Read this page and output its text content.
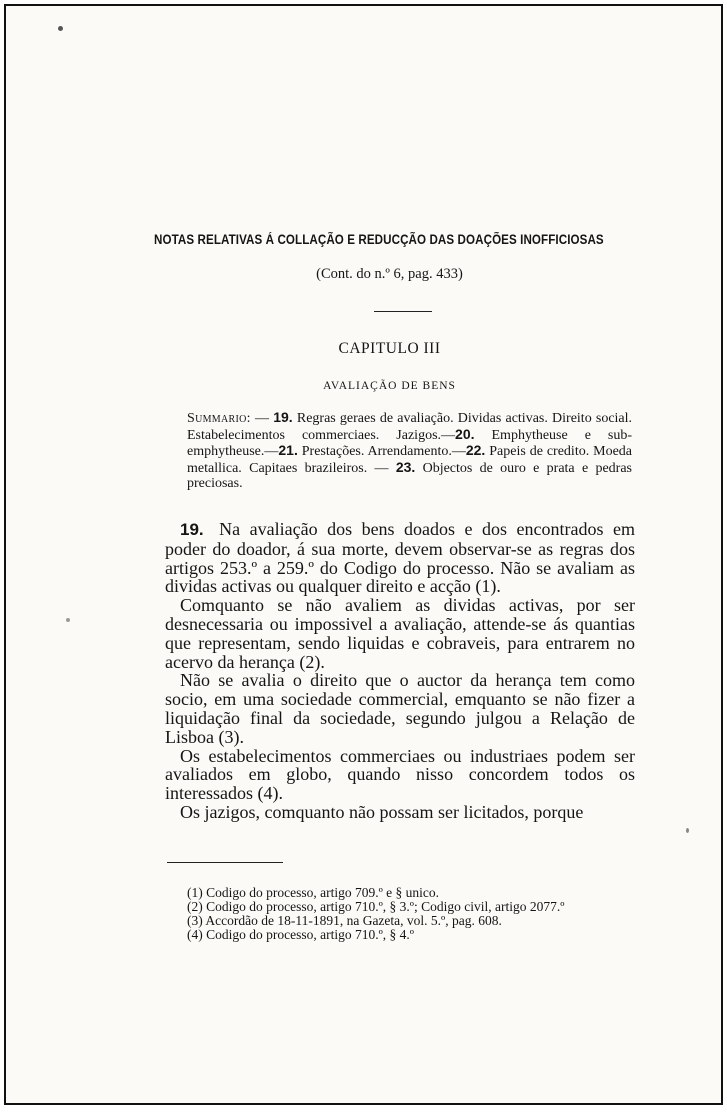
NOTAS RELATIVAS Á COLLAÇÃO E REDUCÇÃO DAS DOAÇÕES INOFFICIOSAS
(Cont. do n.º 6, pag. 433)
CAPITULO III
AVALIAÇÃO DE BENS
Summario: — 19. Regras geraes de avaliação. Dividas activas. Direito social. Estabelecimentos commerciaes. Jazigos.—20. Emphytheuse e sub-emphytheuse.—21. Prestações. Arrendamento.—22. Papeis de credito. Moeda metallica. Capitaes brazileiros. — 23. Objectos de ouro e prata e pedras preciosas.

19. Na avaliação dos bens doados e dos encontrados em poder do doador, á sua morte, devem observar-se as regras dos artigos 253.º a 259.º do Codigo do processo. Não se avaliam as dividas activas ou qualquer direito e acção (1).

Comquanto se não avaliem as dividas activas, por ser desnecessaria ou impossivel a avaliação, attende-se ás quantias que representam, sendo liquidas e cobraveis, para entrarem no acervo da herança (2).

Não se avalia o direito que o auctor da herança tem como socio, em uma sociedade commercial, emquanto se não fizer a liquidação final da sociedade, segundo julgou a Relação de Lisboa (3).

Os estabelecimentos commerciaes ou industriaes podem ser avaliados em globo, quando nisso concordem todos os interessados (4).

Os jazigos, comquanto não possam ser licitados, porque

(1) Codigo do processo, artigo 709.º e § unico.
(2) Codigo do processo, artigo 710.º, § 3.º; Codigo civil, artigo 2077.º
(3) Accordão de 18-11-1891, na Gazeta, vol. 5.º, pag. 608.
(4) Codigo do processo, artigo 710.º, § 4.º
